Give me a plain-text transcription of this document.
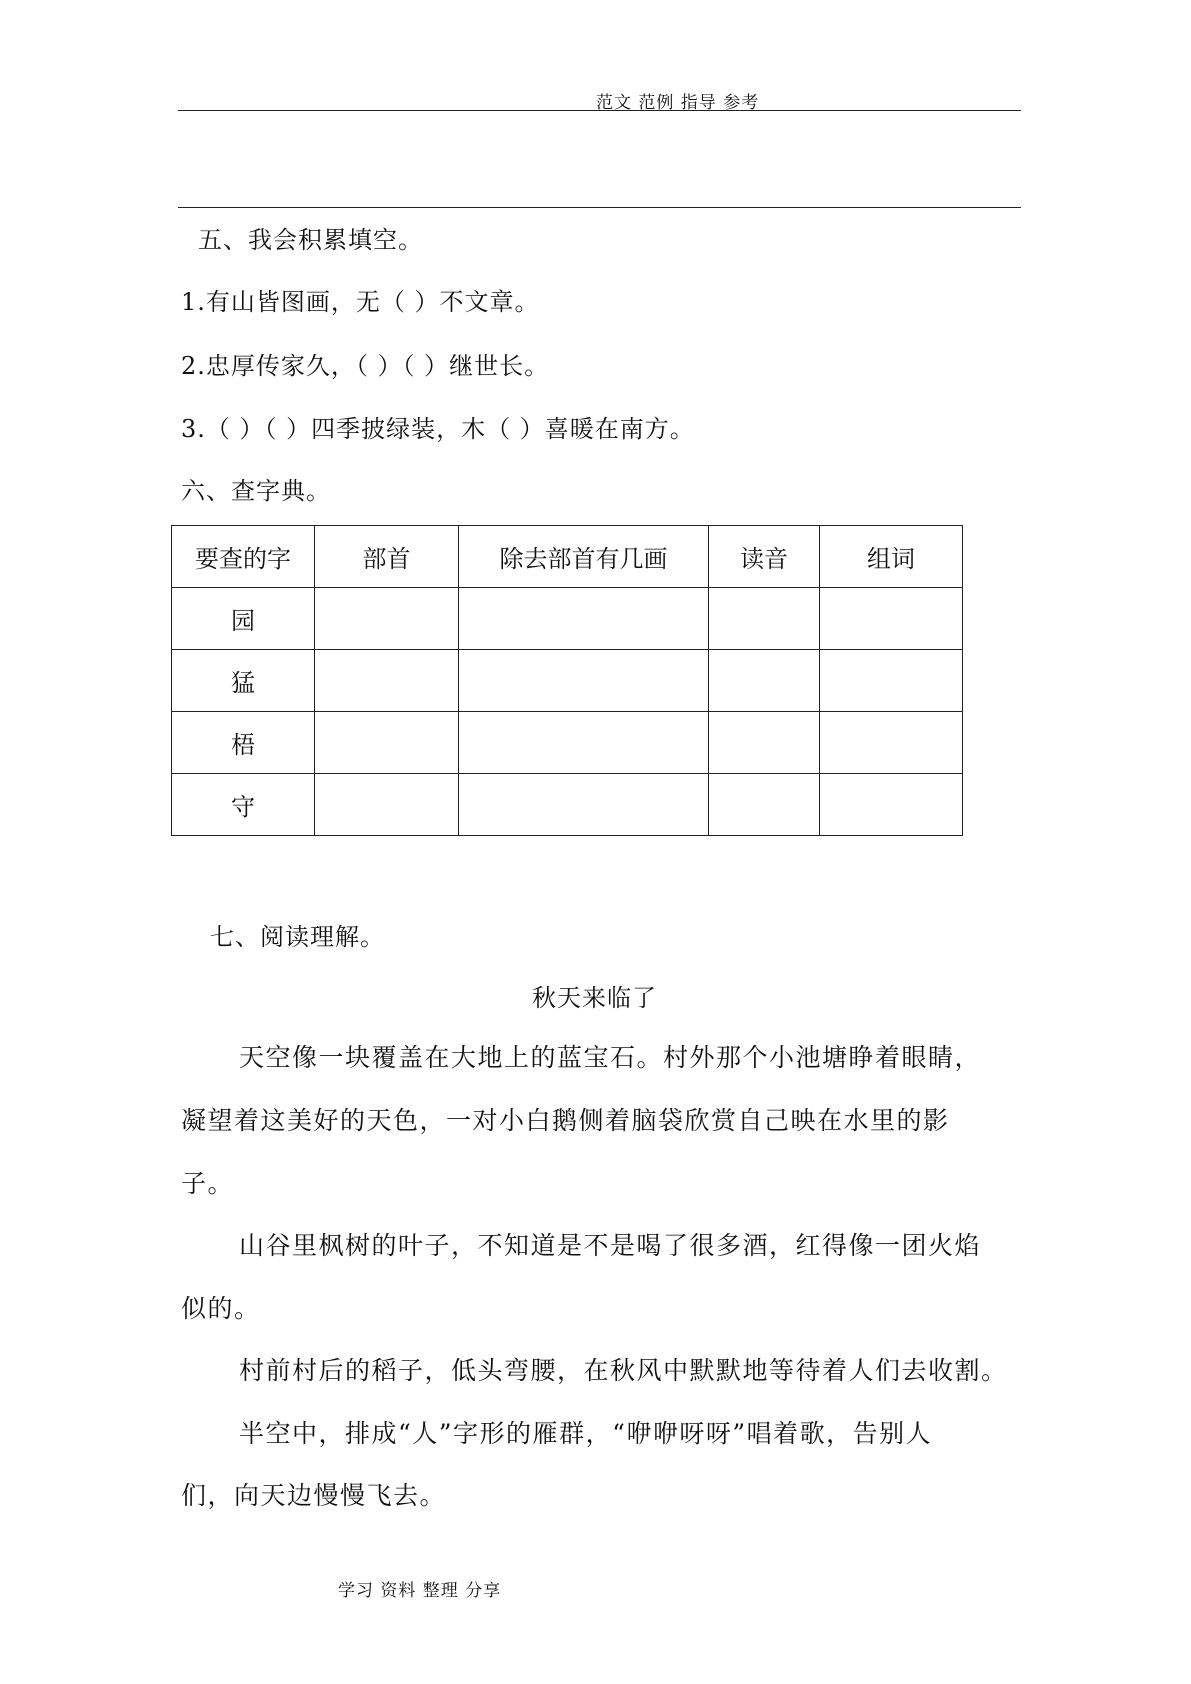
范文 范例 指导 参考
五、我会积累填空。
1.有山皆图画，无（ ）不文章。
2.忠厚传家久，（ ）（ ）继世长。
3.（ ）（ ）四季披绿装，木（ ）喜暖在南方。
六、查字典。
要查的字	部首	除去部首有几画	读音	组词
园				
猛				
梧				
守				
七、阅读理解。
秋天来临了
天空像一块覆盖在大地上的蓝宝石。村外那个小池塘睁着眼睛，
凝望着这美好的天色，一对小白鹅侧着脑袋欣赏自己映在水里的影
子。
山谷里枫树的叶子，不知道是不是喝了很多酒，红得像一团火焰
似的。
村前村后的稻子，低头弯腰，在秋风中默默地等待着人们去收割。
半空中，排成“人”字形的雁群，“咿咿呀呀”唱着歌，告别人
们，向天边慢慢飞去。
学习 资料 整理 分享
